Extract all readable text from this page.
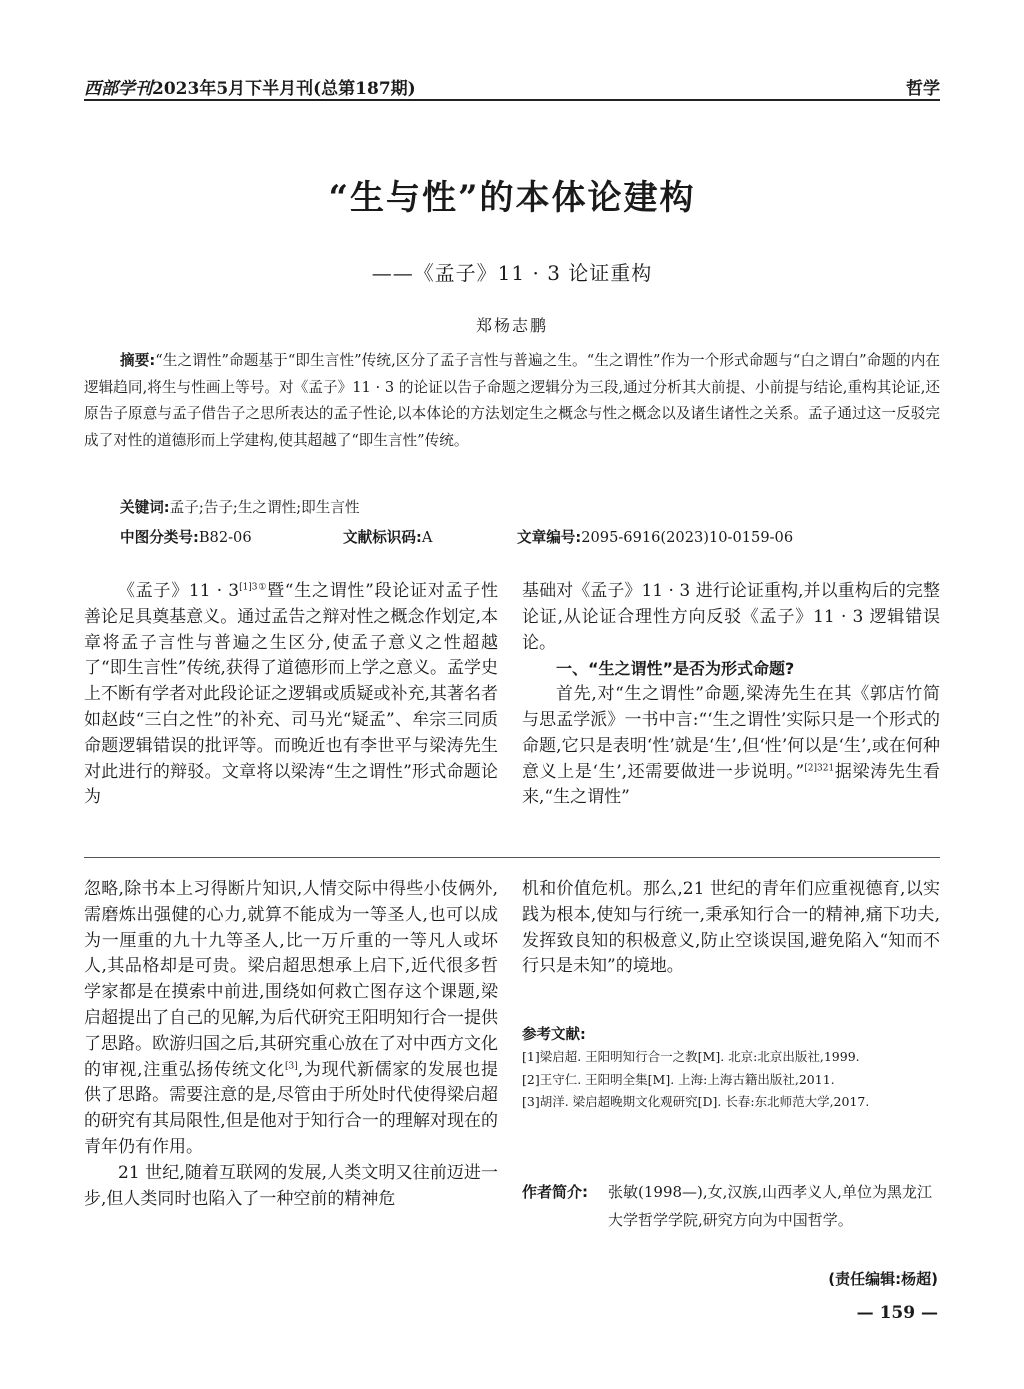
西部学刊2023年5月下半月刊(总第187期)	哲学
“生与性”的本体论建构
——《孟子》11 · 3 论证重构
郑杨志鹏
摘要:“生之谓性”命题基于“即生言性”传统,区分了孟子言性与普遍之生。“生之谓性”作为一个形式命题与“白之谓白”命题的内在逻辑趋同,将生与性画上等号。对《孟子》11 · 3 的论证以告子命题之逻辑分为三段,通过分析其大前提、小前提与结论,重构其论证,还原告子原意与孟子借告子之思所表达的孟子性论,以本体论的方法划定生之概念与性之概念以及诸生诸性之关系。孟子通过这一反驳完成了对性的道德形而上学建构,使其超越了“即生言性”传统。
关键词:孟子;告子;生之谓性;即生言性
中图分类号:B82-06	文献标识码:A	文章编号:2095-6916(2023)10-0159-06

《孟子》$11 \cdot 3^{[1]3①}$暨“生之谓性”段论证对孟子性善论足具奠基意义。通过孟告之辩对性之概念作划定,本章将孟子言性与普遍之生区分,使孟子意义之性超越了“即生言性”传统,获得了道德形而上学之意义。孟学史上不断有学者对此段论证之逻辑或质疑或补充,其著名者如赵歧“三白之性”的补充、司马光“疑孟”、牟宗三同质命题逻辑错误的批评等。而晚近也有李世平与梁涛先生对此进行的辩驳。文章将以梁涛“生之谓性”形式命题论为

基础对《孟子》11 · 3 进行论证重构,并以重构后的完整论证,从论证合理性方向反驳《孟子》11 · 3 逻辑错误论。

一、“生之谓性”是否为形式命题?

首先,对“生之谓性”命题,梁涛先生在其《郭店竹简与思孟学派》一书中言:“‘生之谓性’实际只是一个形式的命题,它只是表明‘性’就是‘生’,但‘性’何以是‘生’,或在何种意义上是‘生’,还需要做进一步说明。”$^{[2]321}$据梁涛先生看来,“生之谓性”

忽略,除书本上习得断片知识,人情交际中得些小伎俩外,需磨炼出强健的心力,就算不能成为一等圣人,也可以成为一厘重的九十九等圣人,比一万斤重的一等凡人或坏人,其品格却是可贵。梁启超思想承上启下,近代很多哲学家都是在摸索中前进,围绕如何救亡图存这个课题,梁启超提出了自己的见解,为后代研究王阳明知行合一提供了思路。欧游归国之后,其研究重心放在了对中西方文化的审视,注重弘扬传统文化[3],为现代新儒家的发展也提供了思路。需要注意的是,尽管由于所处时代使得梁启超的研究有其局限性,但是他对于知行合一的理解对现在的青年仍有作用。

21 世纪,随着互联网的发展,人类文明又往前迈进一步,但人类同时也陷入了一种空前的精神危

机和价值危机。那么,21 世纪的青年们应重视德育,以实践为根本,使知与行统一,秉承知行合一的精神,痛下功夫,发挥致良知的积极意义,防止空谈误国,避免陷入“知而不行只是未知”的境地。

参考文献:
[1]梁启超. 王阳明知行合一之教[M]. 北京:北京出版社,1999.
[2]王守仁. 王阳明全集[M]. 上海:上海古籍出版社,2011.
[3]胡洋. 梁启超晚期文化观研究[D]. 长春:东北师范大学,2017.
作者简介:	张敏(1998—),女,汉族,山西孝义人,单位为黑龙江大学哲学学院,研究方向为中国哲学。
(责任编辑:杨超)
— 159 —
